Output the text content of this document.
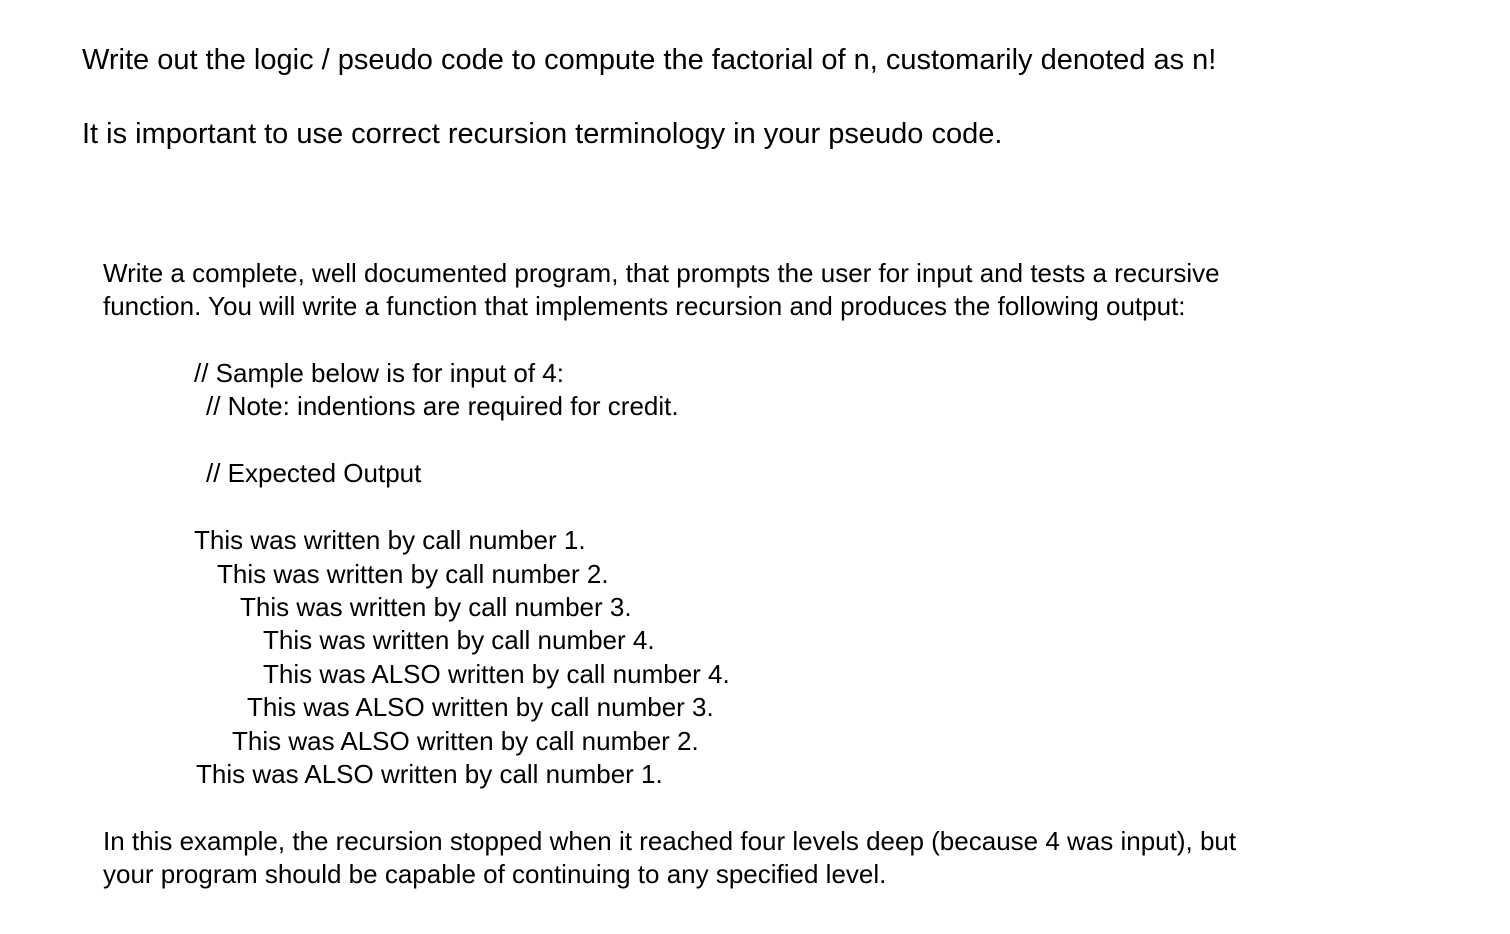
Write out the logic / pseudo code to compute the factorial of n, customarily denoted as n!

It is important to use correct recursion terminology in your pseudo code.

Write a complete, well documented program, that prompts the user for input and tests a recursive

function. You will write a function that implements recursion and produces the following output:

// Sample below is for input of 4:

// Note: indentions are required for credit.

// Expected Output

This was written by call number 1.

This was written by call number 2.

This was written by call number 3.

This was written by call number 4.

This was ALSO written by call number 4.

This was ALSO written by call number 3.

This was ALSO written by call number 2.

This was ALSO written by call number 1.

In this example, the recursion stopped when it reached four levels deep (because 4 was input), but

your program should be capable of continuing to any specified level.
